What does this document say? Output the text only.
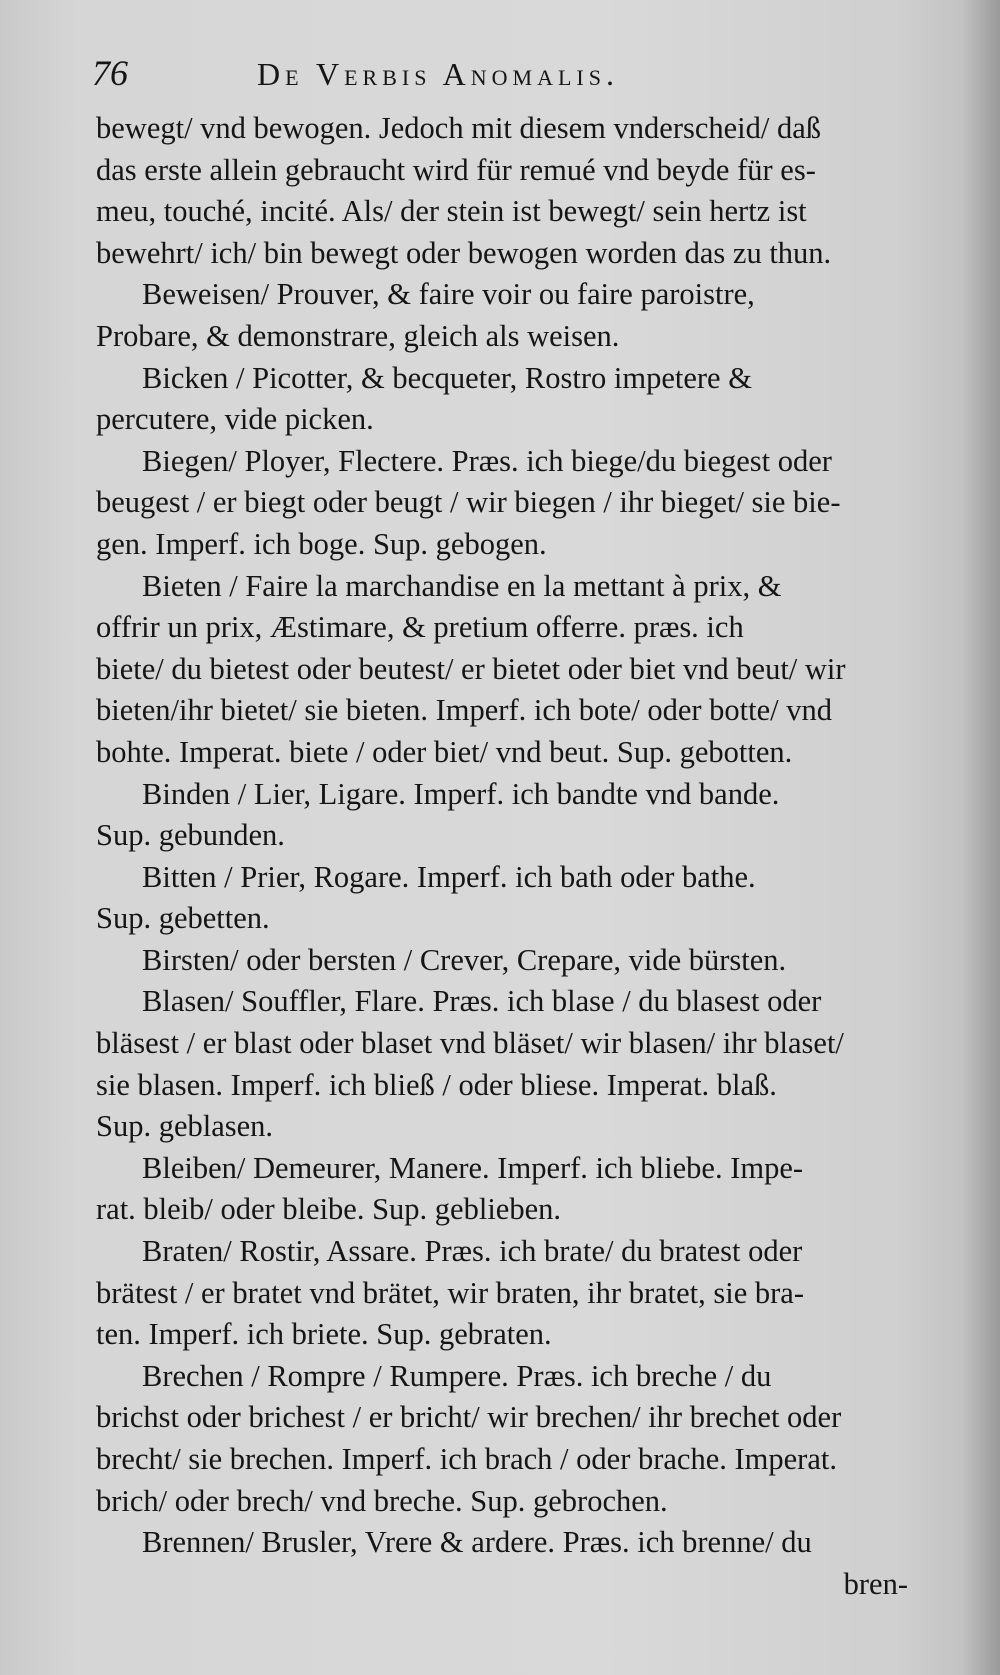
76	De Verbis Anomalis.
bewegt/ vnd bewogen. Jedoch mit diesem vnderscheid/ daß
das erste allein gebraucht wird für remué vnd beyde für es-
meu, touché, incité. Als/ der stein ist bewegt/ sein hertz ist
bewehrt/ ich/ bin bewegt oder bewogen worden das zu thun.
Beweisen/ Prouver, & faire voir ou faire paroistre,
Probare, & demonstrare, gleich als weisen.
Bicken / Picotter, & becqueter, Rostro impetere &
percutere, vide picken.
Biegen/ Ployer, Flectere. Præs. ich biege/du biegest oder
beugest / er biegt oder beugt / wir biegen / ihr bieget/ sie bie-
gen. Imperf. ich boge. Sup. gebogen.
Bieten / Faire la marchandise en la mettant à prix, &
offrir un prix, Æstimare, & pretium offerre. præs. ich
biete/ du bietest oder beutest/ er bietet oder biet vnd beut/ wir
bieten/ihr bietet/ sie bieten. Imperf. ich bote/ oder botte/ vnd
bohte. Imperat. biete / oder biet/ vnd beut. Sup. gebotten.
Binden / Lier, Ligare. Imperf. ich bandte vnd bande.
Sup. gebunden.
Bitten / Prier, Rogare. Imperf. ich bath oder bathe.
Sup. gebetten.
Birsten/ oder bersten / Crever, Crepare, vide bürsten.
Blasen/ Souffler, Flare. Præs. ich blase / du blasest oder
bläsest / er blast oder blaset vnd bläset/ wir blasen/ ihr blaset/
sie blasen. Imperf. ich bließ / oder bliese. Imperat. blaß.
Sup. geblasen.
Bleiben/ Demeurer, Manere. Imperf. ich bliebe. Impe-
rat. bleib/ oder bleibe. Sup. geblieben.
Braten/ Rostir, Assare. Præs. ich brate/ du bratest oder
brätest / er bratet vnd brätet, wir braten, ihr bratet, sie bra-
ten. Imperf. ich briete. Sup. gebraten.
Brechen / Rompre / Rumpere. Præs. ich breche / du
brichst oder brichest / er bricht/ wir brechen/ ihr brechet oder
brecht/ sie brechen. Imperf. ich brach / oder brache. Imperat.
brich/ oder brech/ vnd breche. Sup. gebrochen.
Brennen/ Brusler, Vrere & ardere. Præs. ich brenne/ du
bren-
